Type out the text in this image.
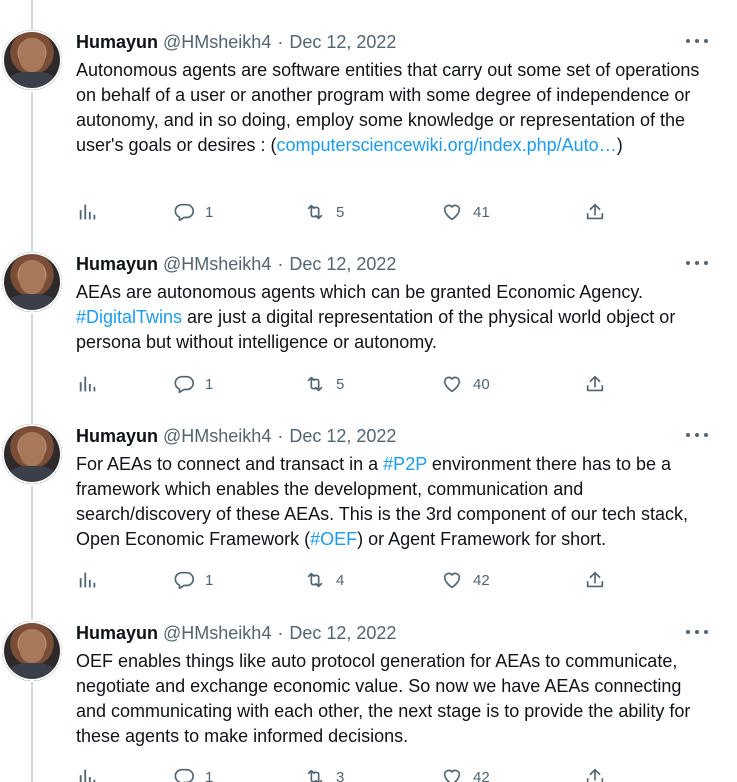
Humayun @HMsheikh4 · Dec 12, 2022
Autonomous agents are software entities that carry out some set of operations on behalf of a user or another program with some degree of independence or autonomy, and in so doing, employ some knowledge or representation of the user's goals or desires : (computersciencewiki.org/index.php/Auto…)
1	5	41
Humayun @HMsheikh4 · Dec 12, 2022
AEAs are autonomous agents which can be granted Economic Agency. #DigitalTwins are just a digital representation of the physical world object or persona but without intelligence or autonomy.
1	5	40
Humayun @HMsheikh4 · Dec 12, 2022
For AEAs to connect and transact in a #P2P environment there has to be a framework which enables the development, communication and search/discovery of these AEAs. This is the 3rd component of our tech stack, Open Economic Framework (#OEF) or Agent Framework for short.
1	4	42
Humayun @HMsheikh4 · Dec 12, 2022
OEF enables things like auto protocol generation for AEAs to communicate, negotiate and exchange economic value. So now we have AEAs connecting and communicating with each other, the next stage is to provide the ability for these agents to make informed decisions.
1	3	42
